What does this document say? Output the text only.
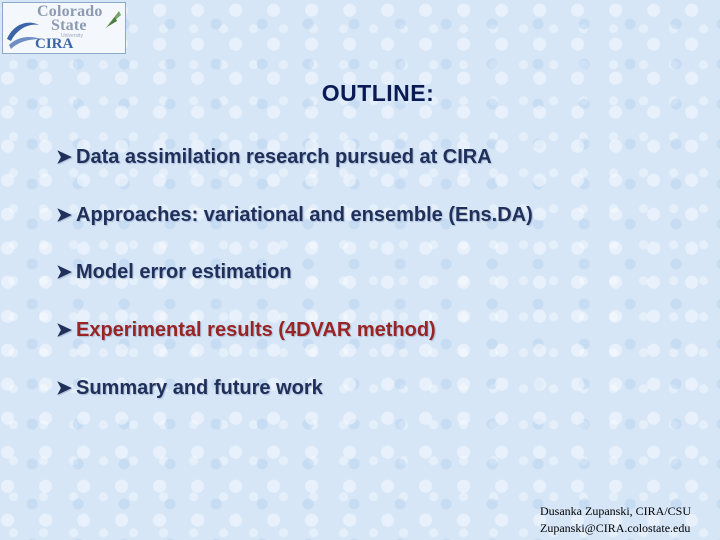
Colorado
State
University
CIRA
OUTLINE:
➤ Data assimilation research pursued at CIRA
➤ Approaches: variational and ensemble (Ens.DA)
➤ Model error estimation
➤ Experimental results (4DVAR method)
➤ Summary and future work
Dusanka Zupanski, CIRA/CSU
Zupanski@CIRA.colostate.edu
